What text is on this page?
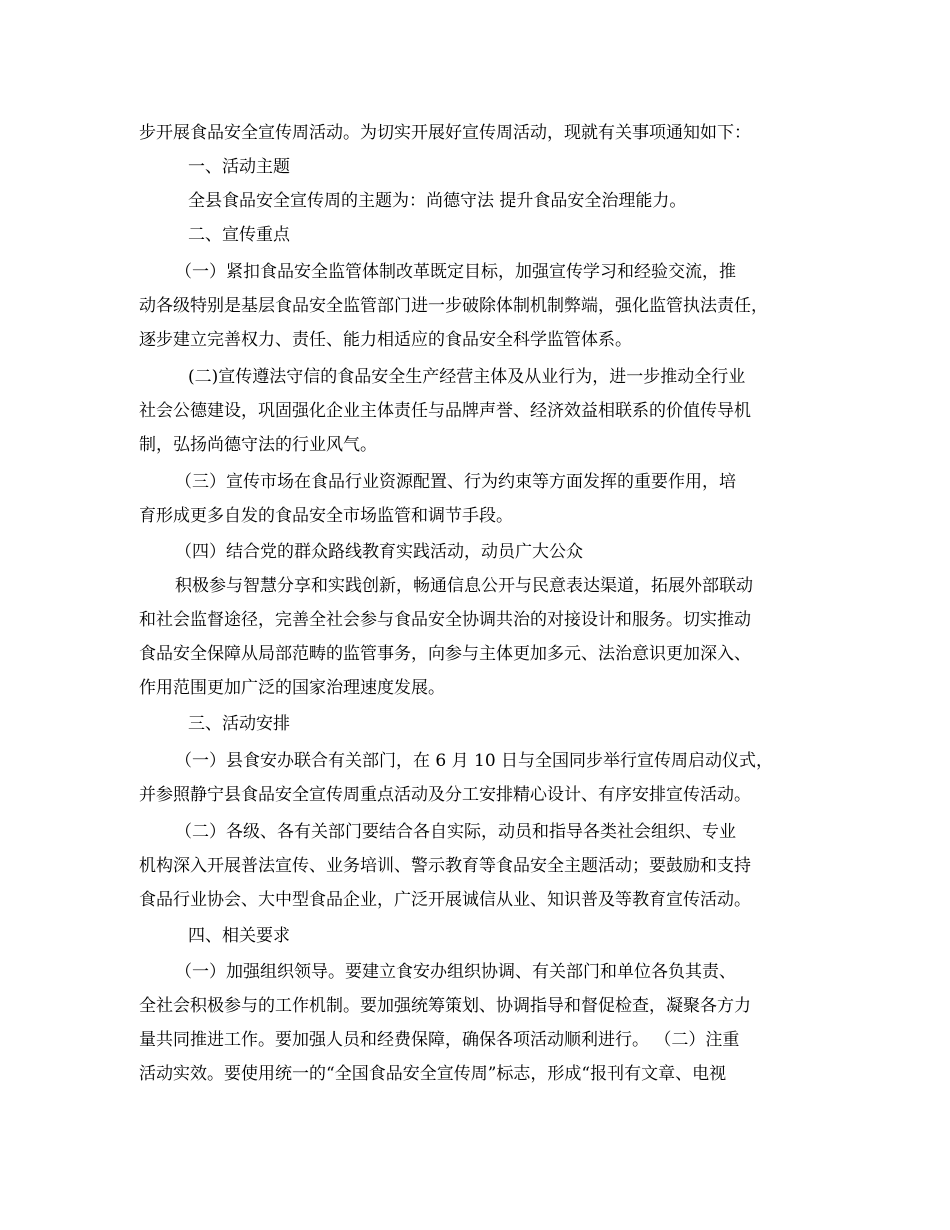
步开展食品安全宣传周活动。为切实开展好宣传周活动，现就有关事项通知如下：
一、活动主题
全县食品安全宣传周的主题为：尚德守法 提升食品安全治理能力。
二、宣传重点
（一）紧扣食品安全监管体制改革既定目标，加强宣传学习和经验交流，推
动各级特别是基层食品安全监管部门进一步破除体制机制弊端，强化监管执法责任，
逐步建立完善权力、责任、能力相适应的食品安全科学监管体系。
(二)宣传遵法守信的食品安全生产经营主体及从业行为，进一步推动全行业
社会公德建设，巩固强化企业主体责任与品牌声誉、经济效益相联系的价值传导机
制，弘扬尚德守法的行业风气。
（三）宣传市场在食品行业资源配置、行为约束等方面发挥的重要作用，培
育形成更多自发的食品安全市场监管和调节手段。
（四）结合党的群众路线教育实践活动，动员广大公众
积极参与智慧分享和实践创新，畅通信息公开与民意表达渠道，拓展外部联动
和社会监督途径，完善全社会参与食品安全协调共治的对接设计和服务。切实推动
食品安全保障从局部范畴的监管事务，向参与主体更加多元、法治意识更加深入、
作用范围更加广泛的国家治理速度发展。
三、活动安排
（一）县食安办联合有关部门，在 6 月 10 日与全国同步举行宣传周启动仪式，
并参照静宁县食品安全宣传周重点活动及分工安排精心设计、有序安排宣传活动。
（二）各级、各有关部门要结合各自实际，动员和指导各类社会组织、专业
机构深入开展普法宣传、业务培训、警示教育等食品安全主题活动；要鼓励和支持
食品行业协会、大中型食品企业，广泛开展诚信从业、知识普及等教育宣传活动。
四、相关要求
（一）加强组织领导。要建立食安办组织协调、有关部门和单位各负其责、
全社会积极参与的工作机制。要加强统筹策划、协调指导和督促检查，凝聚各方力
量共同推进工作。要加强人员和经费保障，确保各项活动顺利进行。 （二）注重
活动实效。要使用统一的“全国食品安全宣传周”标志，形成“报刊有文章、电视
